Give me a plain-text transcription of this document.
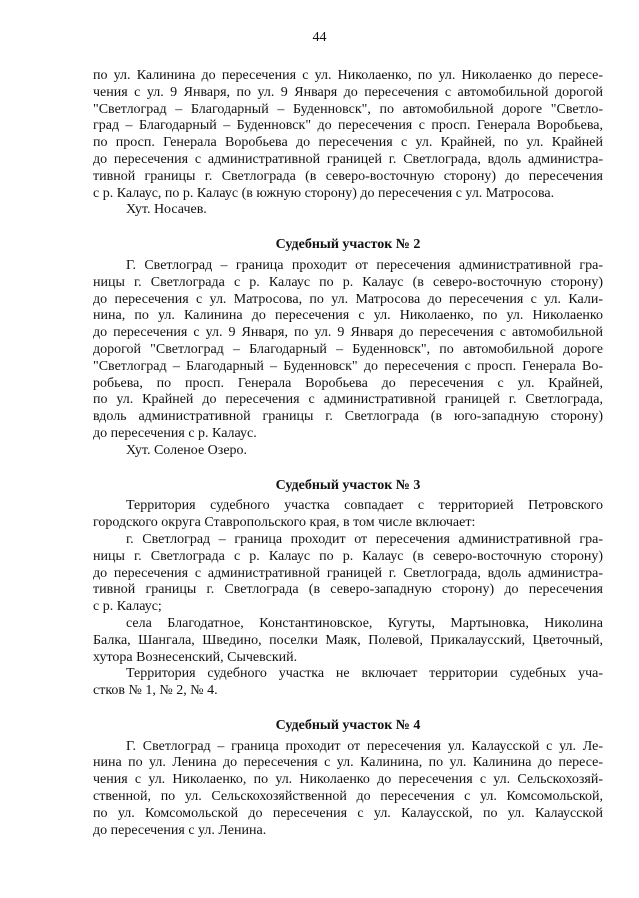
44
по ул. Калинина до пересечения с ул. Николаенко, по ул. Николаенко до пересе-
чения с ул. 9 Января, по ул. 9 Января до пересечения с автомобильной дорогой
"Светлоград – Благодарный – Буденновск", по автомобильной дороге "Светло-
град – Благодарный – Буденновск" до пересечения с просп. Генерала Воробьева,
по просп. Генерала Воробьева до пересечения с ул. Крайней, по ул. Крайней
до пересечения с административной границей г. Светлограда, вдоль администра-
тивной границы г. Светлограда (в северо-восточную сторону) до пересечения
с р. Калаус, по р. Калаус (в южную сторону) до пересечения с ул. Матросова.
Хут. Носачев.
Судебный участок № 2
Г. Светлоград – граница проходит от пересечения административной гра-
ницы г. Светлограда с р. Калаус по р. Калаус (в северо-восточную сторону)
до пересечения с ул. Матросова, по ул. Матросова до пересечения с ул. Кали-
нина, по ул. Калинина до пересечения с ул. Николаенко, по ул. Николаенко
до пересечения с ул. 9 Января, по ул. 9 Января до пересечения с автомобильной
дорогой "Светлоград – Благодарный – Буденновск", по автомобильной дороге
"Светлоград – Благодарный – Буденновск" до пересечения с просп. Генерала Во-
робьева, по просп. Генерала Воробьева до пересечения с ул. Крайней,
по ул. Крайней до пересечения с административной границей г. Светлограда,
вдоль административной границы г. Светлограда (в юго-западную сторону)
до пересечения с р. Калаус.
Хут. Соленое Озеро.
Судебный участок № 3
Территория судебного участка совпадает с территорией Петровского
городского округа Ставропольского края, в том числе включает:
г. Светлоград – граница проходит от пересечения административной гра-
ницы г. Светлограда с р. Калаус по р. Калаус (в северо-восточную сторону)
до пересечения с административной границей г. Светлограда, вдоль администра-
тивной границы г. Светлограда (в северо-западную сторону) до пересечения
с р. Калаус;
села Благодатное, Константиновское, Кугуты, Мартыновка, Николина
Балка, Шангала, Шведино, поселки Маяк, Полевой, Прикалаусский, Цветочный,
хутора Вознесенский, Сычевский.
Территория судебного участка не включает территории судебных уча-
стков № 1, № 2, № 4.
Судебный участок № 4
Г. Светлоград – граница проходит от пересечения ул. Калаусской с ул. Ле-
нина по ул. Ленина до пересечения с ул. Калинина, по ул. Калинина до пересе-
чения с ул. Николаенко, по ул. Николаенко до пересечения с ул. Сельскохозяй-
ственной, по ул. Сельскохозяйственной до пересечения с ул. Комсомольской,
по ул. Комсомольской до пересечения с ул. Калаусской, по ул. Калаусской
до пересечения с ул. Ленина.
